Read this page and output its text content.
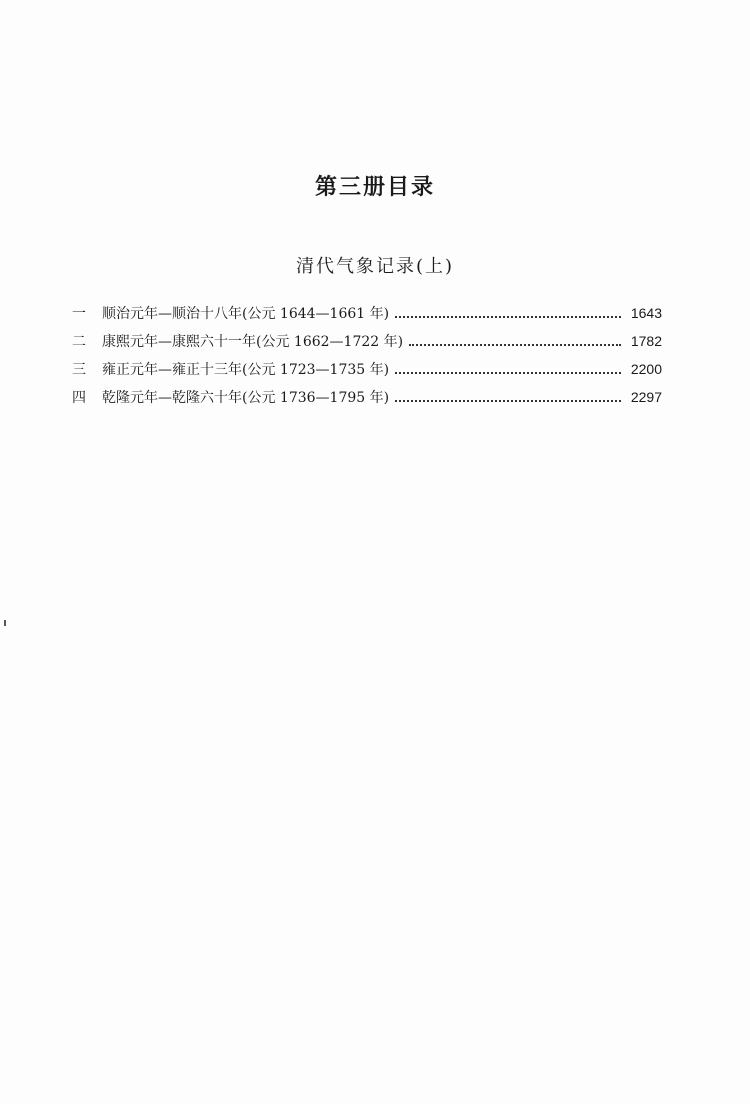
第三册目录
清代气象记录(上)
一	顺治元年—顺治十八年(公元 1644—1661 年)	1643
二	康熙元年—康熙六十一年(公元 1662—1722 年)	1782
三	雍正元年—雍正十三年(公元 1723—1735 年)	2200
四	乾隆元年—乾隆六十年(公元 1736—1795 年)	2297
